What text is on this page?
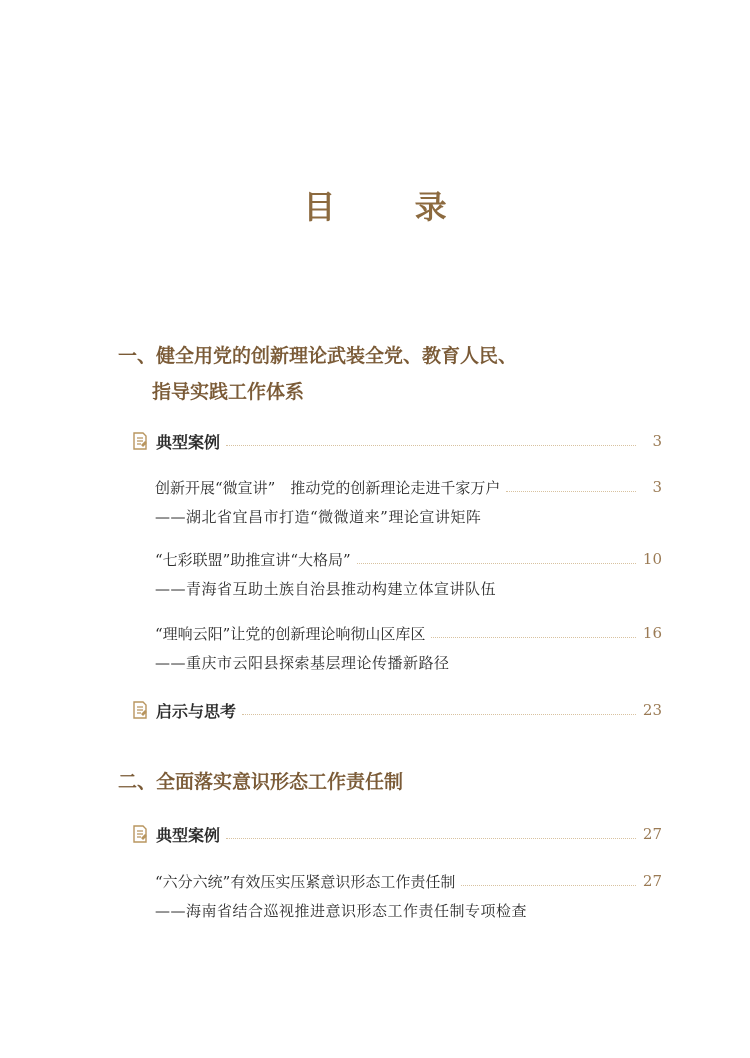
目 录
一、健全用党的创新理论武装全党、教育人民、
指导实践工作体系
典型案例	3
创新开展“微宣讲”　推动党的创新理论走进千家万户	3
——湖北省宜昌市打造“微微道来”理论宣讲矩阵
“七彩联盟”助推宣讲“大格局”	10
——青海省互助土族自治县推动构建立体宣讲队伍
“理响云阳”让党的创新理论响彻山区库区	16
——重庆市云阳县探索基层理论传播新路径
启示与思考	23
二、全面落实意识形态工作责任制
典型案例	27
“六分六统”有效压实压紧意识形态工作责任制	27
——海南省结合巡视推进意识形态工作责任制专项检查
